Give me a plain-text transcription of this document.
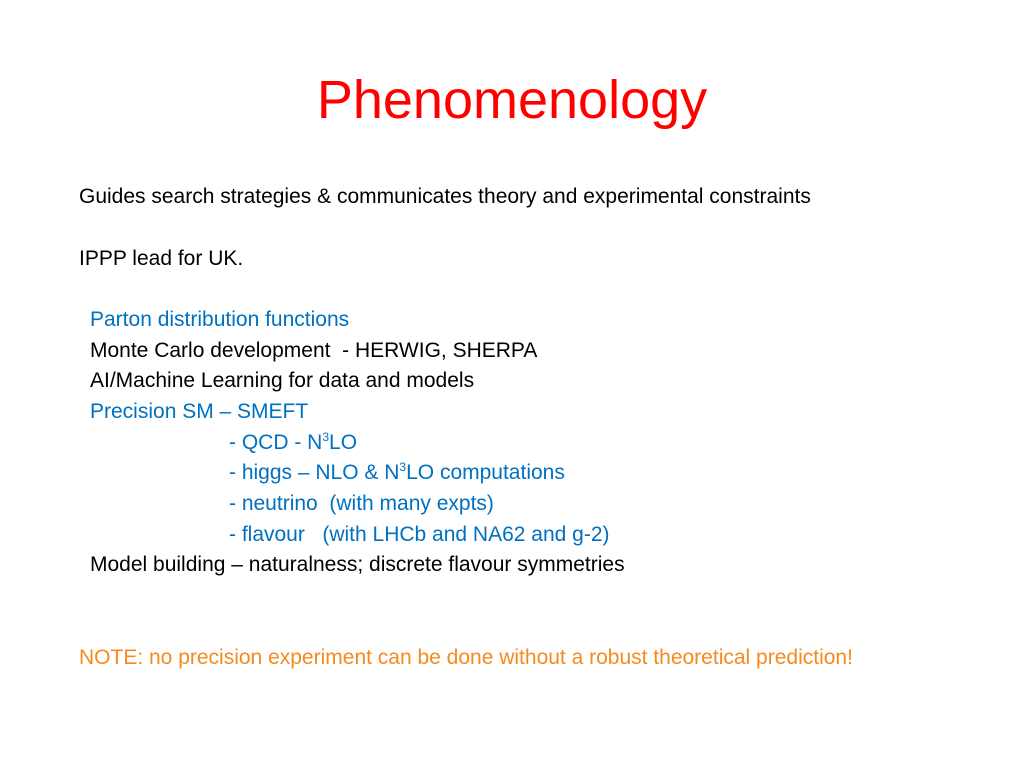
Phenomenology
Guides search strategies & communicates theory and experimental constraints
IPPP lead for UK.
Parton distribution functions
Monte Carlo development  - HERWIG, SHERPA
AI/Machine Learning for data and models
Precision SM – SMEFT
- QCD - $N^3LO$
- higgs – NLO & $N^3LO$ computations
- neutrino  (with many expts)
- flavour   (with LHCb and NA62 and g-2)
Model building – naturalness; discrete flavour symmetries
NOTE: no precision experiment can be done without a robust theoretical prediction!
